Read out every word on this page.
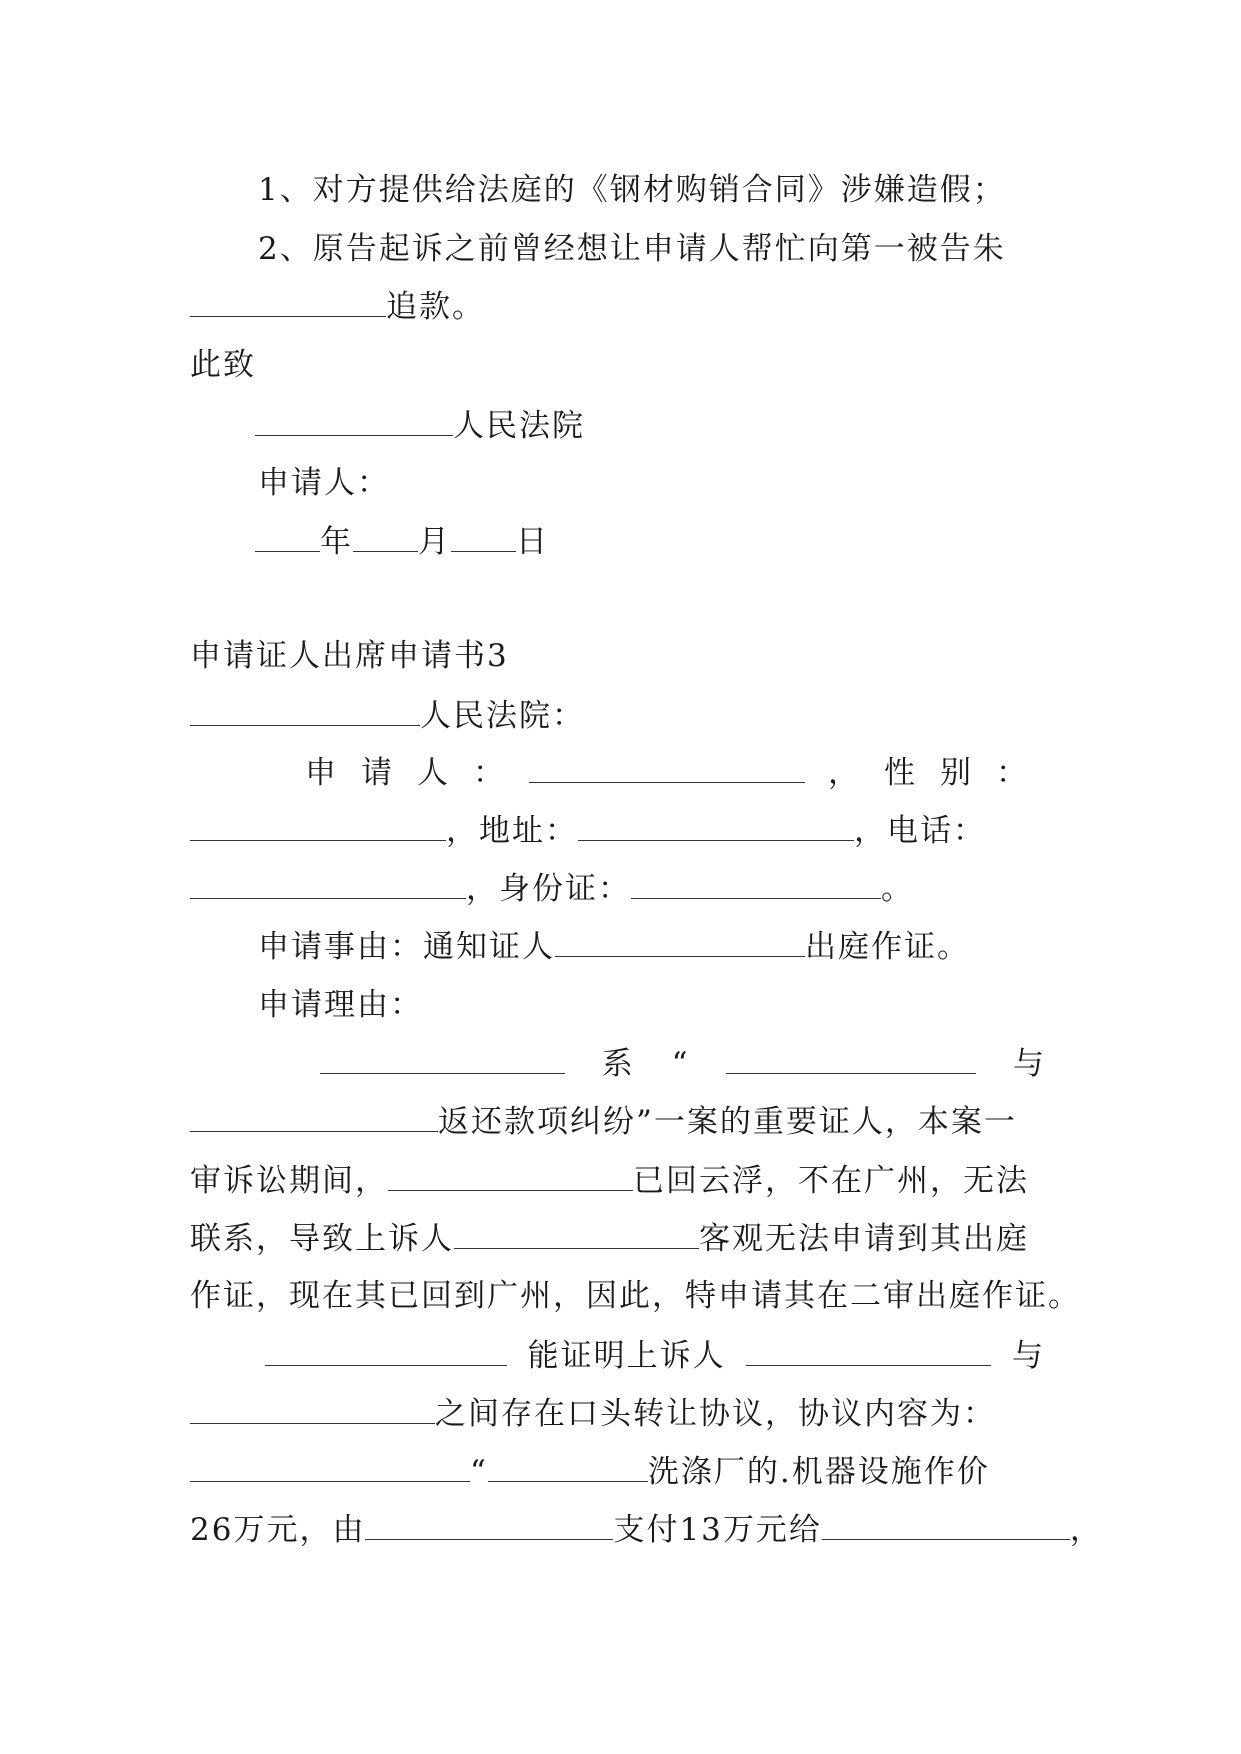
1、对方提供给法庭的《钢材购销合同》涉嫌造假；
2、原告起诉之前曾经想让申请人帮忙向第一被告朱
追款。
此致
人民法院
申请人：
年 月 日
申请证人出席申请书3
人民法院：
申 请 人 ：	， 性 别 ：
，地址：	，电话：
，身份证：	。
申请事由：通知证人	出庭作证。
申请理由：
系 “	与
返还款项纠纷”一案的重要证人，本案一
审诉讼期间，	已回云浮，不在广州，无法
联系，导致上诉人	客观无法申请到其出庭
作证，现在其已回到广州，因此，特申请其在二审出庭作证。
能证明上诉人	与
之间存在口头转让协议，协议内容为：
“	洗涤厂的.机器设施作价
26万元，由	支付13万元给	，
